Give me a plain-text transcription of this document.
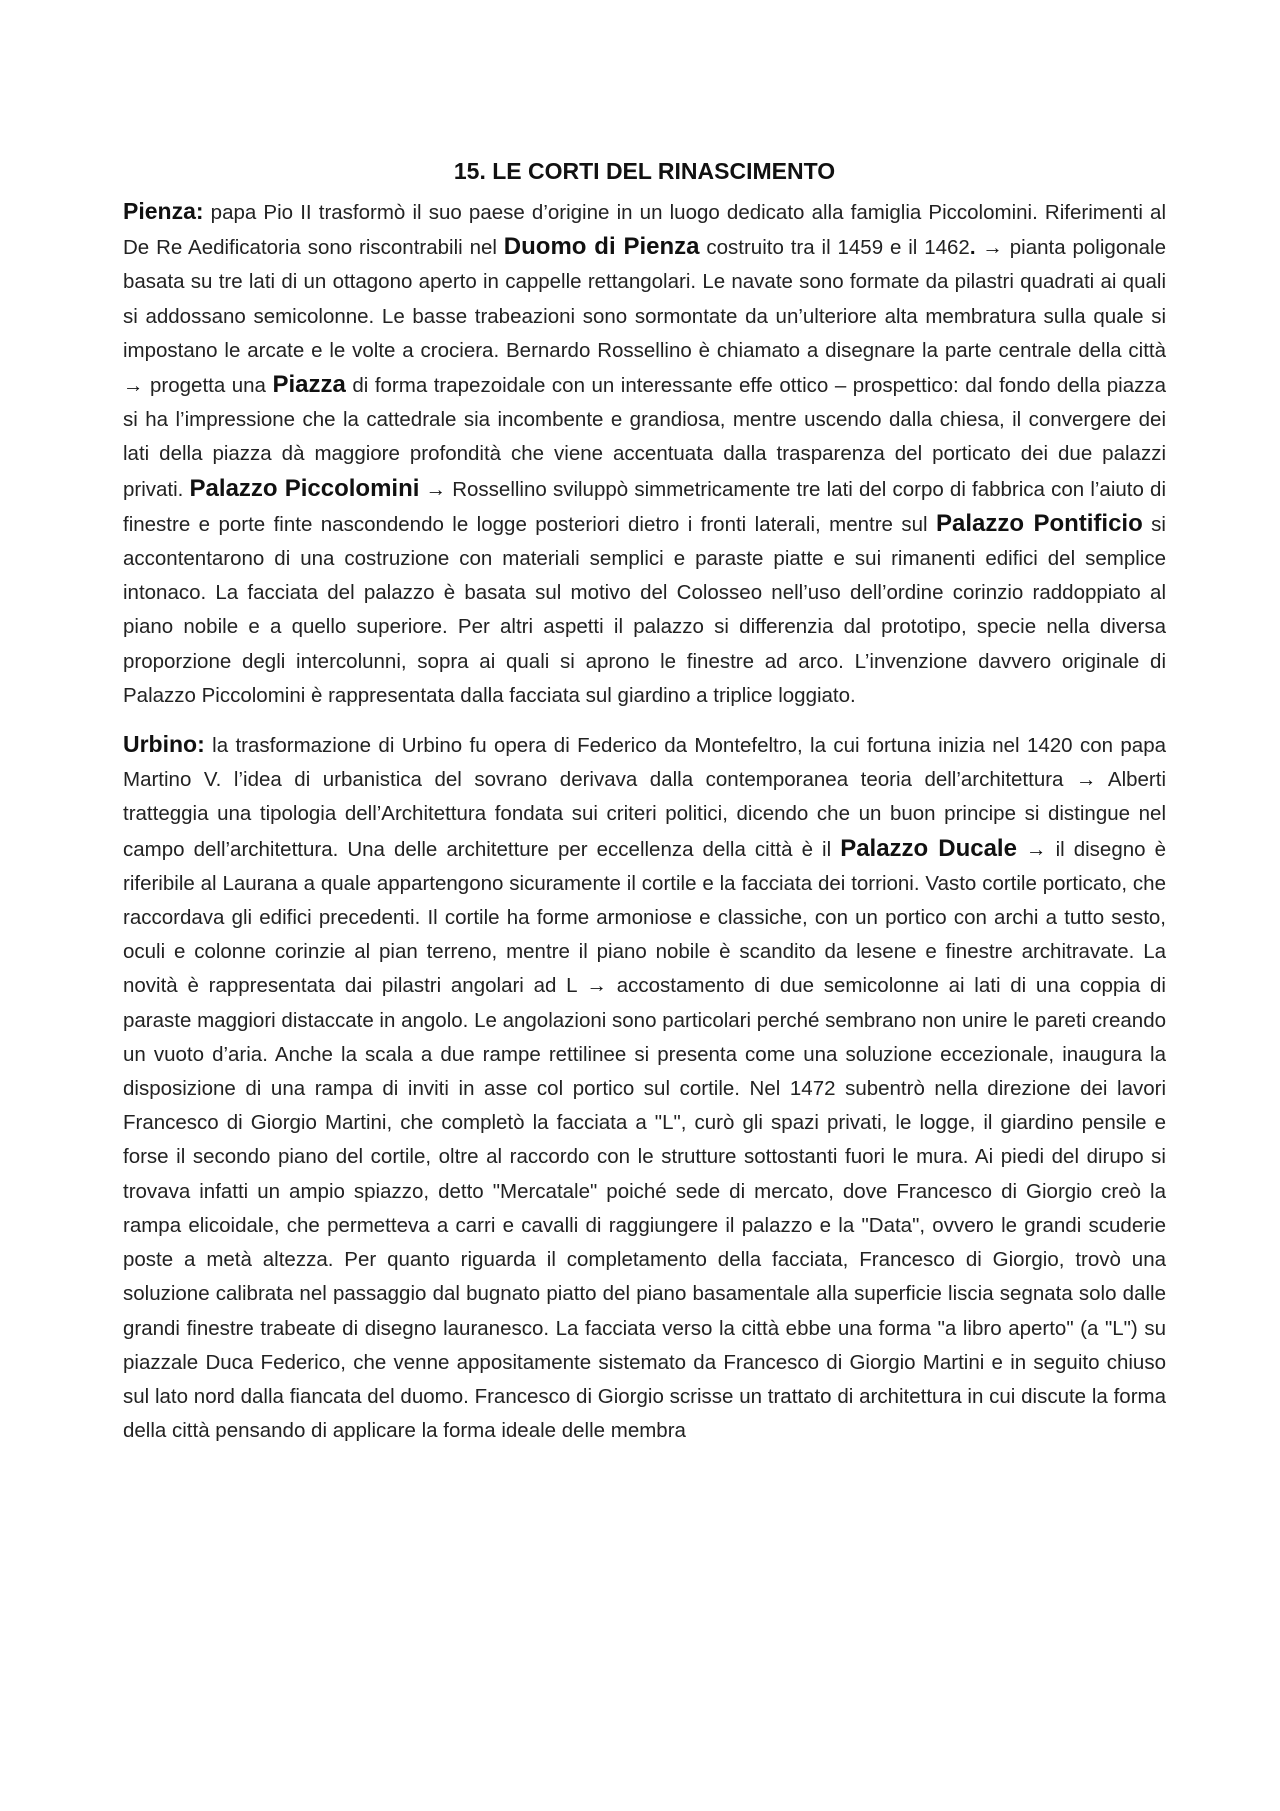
15. LE CORTI DEL RINASCIMENTO

Pienza: papa Pio II trasformò il suo paese d’origine in un luogo dedicato alla famiglia Piccolomini. Riferimenti al De Re Aedificatoria sono riscontrabili nel Duomo di Pienza costruito tra il 1459 e il 1462. → pianta poligonale basata su tre lati di un ottagono aperto in cappelle rettangolari. Le navate sono formate da pilastri quadrati ai quali si addossano semicolonne. Le basse trabeazioni sono sormontate da un’ulteriore alta membratura sulla quale si impostano le arcate e le volte a crociera. Bernardo Rossellino è chiamato a disegnare la parte centrale della città → progetta una Piazza di forma trapezoidale con un interessante effe ottico – prospettico: dal fondo della piazza si ha l’impressione che la cattedrale sia incombente e grandiosa, mentre uscendo dalla chiesa, il convergere dei lati della piazza dà maggiore profondità che viene accentuata dalla trasparenza del porticato dei due palazzi privati. Palazzo Piccolomini → Rossellino sviluppò simmetricamente tre lati del corpo di fabbrica con l’aiuto di finestre e porte finte nascondendo le logge posteriori dietro i fronti laterali, mentre sul Palazzo Pontificio si accontentarono di una costruzione con materiali semplici e paraste piatte e sui rimanenti edifici del semplice intonaco. La facciata del palazzo è basata sul motivo del Colosseo nell’uso dell’ordine corinzio raddoppiato al piano nobile e a quello superiore. Per altri aspetti il palazzo si differenzia dal prototipo, specie nella diversa proporzione degli intercolunni, sopra ai quali si aprono le finestre ad arco. L’invenzione davvero originale di Palazzo Piccolomini è rappresentata dalla facciata sul giardino a triplice loggiato.

Urbino: la trasformazione di Urbino fu opera di Federico da Montefeltro, la cui fortuna inizia nel 1420 con papa Martino V. l’idea di urbanistica del sovrano derivava dalla contemporanea teoria dell’architettura → Alberti tratteggia una tipologia dell’Architettura fondata sui criteri politici, dicendo che un buon principe si distingue nel campo dell’architettura. Una delle architetture per eccellenza della città è il Palazzo Ducale → il disegno è riferibile al Laurana a quale appartengono sicuramente il cortile e la facciata dei torrioni. Vasto cortile porticato, che raccordava gli edifici precedenti. Il cortile ha forme armoniose e classiche, con un portico con archi a tutto sesto, oculi e colonne corinzie al pian terreno, mentre il piano nobile è scandito da lesene e finestre architravate. La novità è rappresentata dai pilastri angolari ad L → accostamento di due semicolonne ai lati di una coppia di paraste maggiori distaccate in angolo. Le angolazioni sono particolari perché sembrano non unire le pareti creando un vuoto d’aria. Anche la scala a due rampe rettilinee si presenta come una soluzione eccezionale, inaugura la disposizione di una rampa di inviti in asse col portico sul cortile. Nel 1472 subentrò nella direzione dei lavori Francesco di Giorgio Martini, che completò la facciata a "L", curò gli spazi privati, le logge, il giardino pensile e forse il secondo piano del cortile, oltre al raccordo con le strutture sottostanti fuori le mura. Ai piedi del dirupo si trovava infatti un ampio spiazzo, detto "Mercatale" poiché sede di mercato, dove Francesco di Giorgio creò la rampa elicoidale, che permetteva a carri e cavalli di raggiungere il palazzo e la "Data", ovvero le grandi scuderie poste a metà altezza. Per quanto riguarda il completamento della facciata, Francesco di Giorgio, trovò una soluzione calibrata nel passaggio dal bugnato piatto del piano basamentale alla superficie liscia segnata solo dalle grandi finestre trabeate di disegno lauranesco. La facciata verso la città ebbe una forma "a libro aperto" (a "L") su piazzale Duca Federico, che venne appositamente sistemato da Francesco di Giorgio Martini e in seguito chiuso sul lato nord dalla fiancata del duomo. Francesco di Giorgio scrisse un trattato di architettura in cui discute la forma della città pensando di applicare la forma ideale delle membra
